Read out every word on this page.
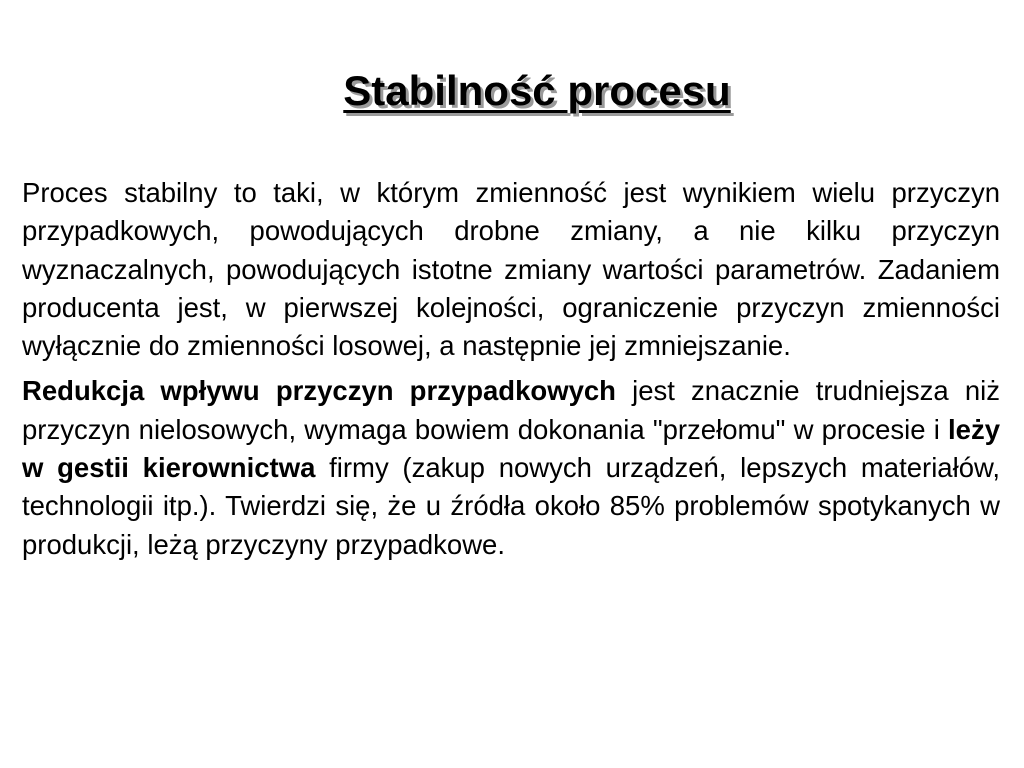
Stabilność procesu

Proces stabilny to taki, w którym zmienność jest wynikiem wielu przyczyn przypadkowych, powodujących drobne zmiany, a nie kilku przyczyn wyznaczalnych, powodujących istotne zmiany wartości parametrów. Zadaniem producenta jest, w pierwszej kolejności, ograniczenie przyczyn zmienności wyłącznie do zmienności losowej, a następnie jej zmniejszanie.

Redukcja wpływu przyczyn przypadkowych jest znacznie trudniejsza niż przyczyn nielosowych, wymaga bowiem dokonania "przełomu" w procesie i leży w gestii kierownictwa firmy (zakup nowych urządzeń, lepszych materiałów, technologii itp.). Twierdzi się, że u źródła około 85% problemów spotykanych w produkcji, leżą przyczyny przypadkowe.
